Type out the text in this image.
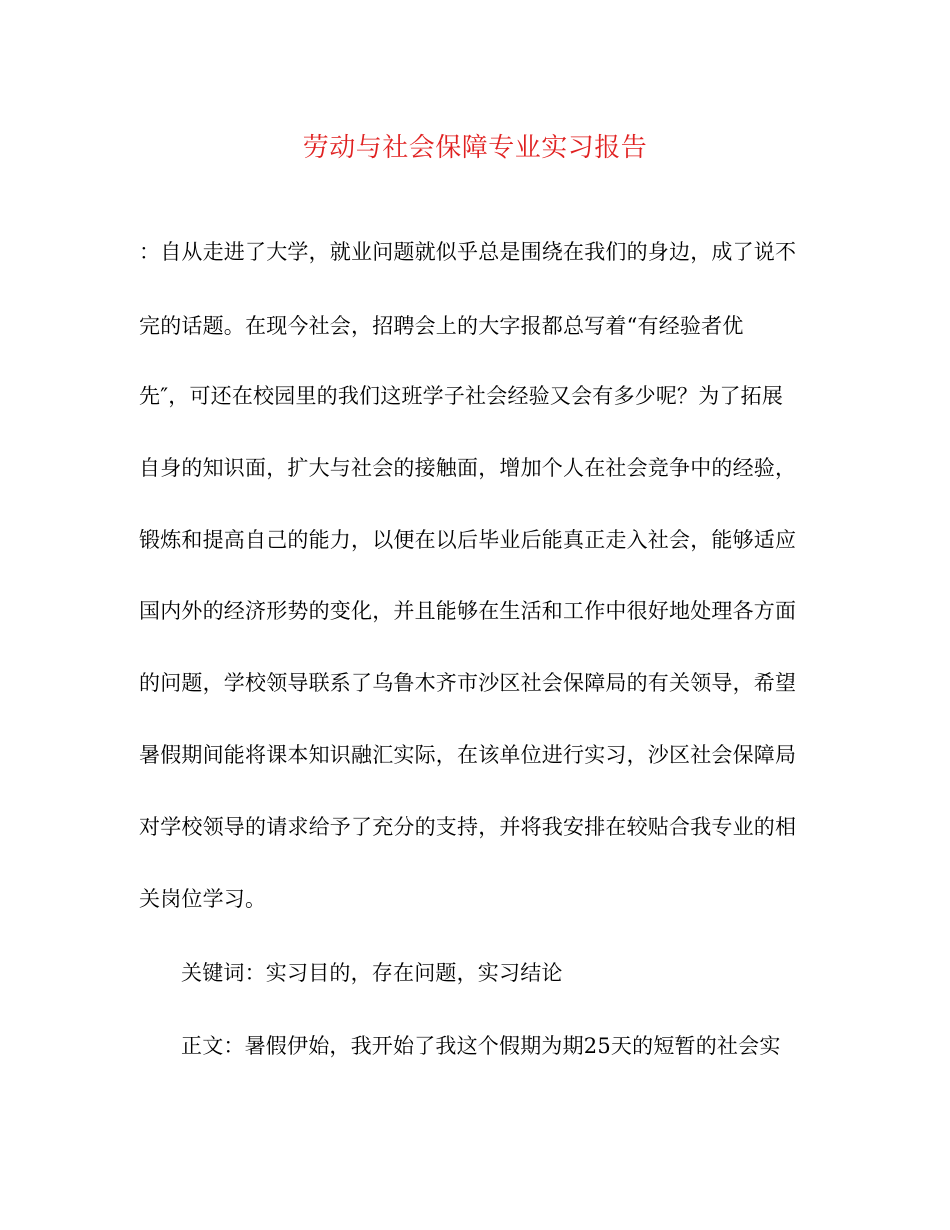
劳动与社会保障专业实习报告
：自从走进了大学，就业问题就似乎总是围绕在我们的身边，成了说不
完的话题。在现今社会，招聘会上的大字报都总写着“有经验者优
先″，可还在校园里的我们这班学子社会经验又会有多少呢？为了拓展
自身的知识面，扩大与社会的接触面，增加个人在社会竞争中的经验，
锻炼和提高自己的能力，以便在以后毕业后能真正走入社会，能够适应
国内外的经济形势的变化，并且能够在生活和工作中很好地处理各方面
的问题，学校领导联系了乌鲁木齐市沙区社会保障局的有关领导，希望
暑假期间能将课本知识融汇实际，在该单位进行实习，沙区社会保障局
对学校领导的请求给予了充分的支持，并将我安排在较贴合我专业的相
关岗位学习。
关键词：实习目的，存在问题，实习结论
正文：暑假伊始，我开始了我这个假期为期25天的短暂的社会实
